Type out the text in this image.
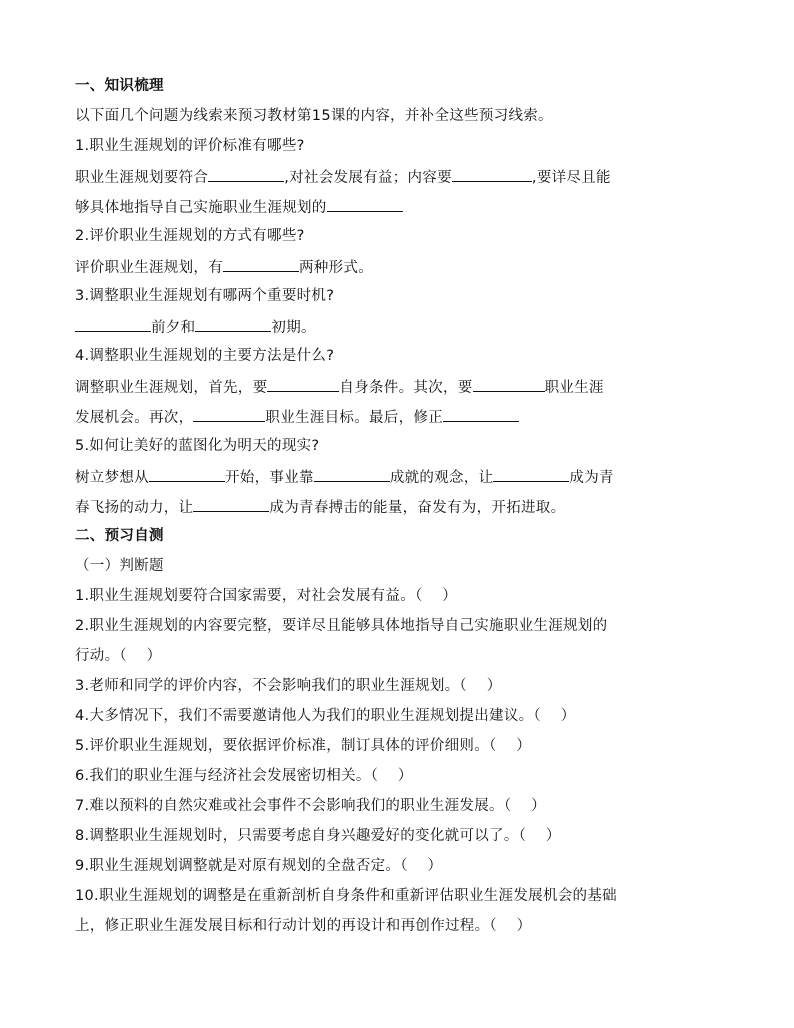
一、知识梳理
以下面几个问题为线索来预习教材第15课的内容，并补全这些预习线索。
1.职业生涯规划的评价标准有哪些?
职业生涯规划要符合	,对社会发展有益；内容要	,要详尽且能
够具体地指导自己实施职业生涯规划的
2.评价职业生涯规划的方式有哪些?
评价职业生涯规划，有	两种形式。
3.调整职业生涯规划有哪两个重要时机?
前夕和	初期。
4.调整职业生涯规划的主要方法是什么?
调整职业生涯规划，首先，要	自身条件。其次，要	职业生涯
发展机会。再次，	职业生涯目标。最后，修正
5.如何让美好的蓝图化为明天的现实?
树立梦想从	开始，事业靠	成就的观念，让	成为青
春飞扬的动力，让	成为青春搏击的能量，奋发有为，开拓进取。
二、预习自测
（一）判断题
1.职业生涯规划要符合国家需要，对社会发展有益。（　 ）
2.职业生涯规划的内容要完整，要详尽且能够具体地指导自己实施职业生涯规划的
行动。（　 ）
3.老师和同学的评价内容，不会影响我们的职业生涯规划。（　 ）
4.大多情况下，我们不需要邀请他人为我们的职业生涯规划提出建议。（　 ）
5.评价职业生涯规划，要依据评价标准，制订具体的评价细则。（　 ）
6.我们的职业生涯与经济社会发展密切相关。（　 ）
7.难以预料的自然灾难或社会事件不会影响我们的职业生涯发展。（　 ）
8.调整职业生涯规划时，只需要考虑自身兴趣爱好的变化就可以了。（　 ）
9.职业生涯规划调整就是对原有规划的全盘否定。（　 ）
10.职业生涯规划的调整是在重新剖析自身条件和重新评估职业生涯发展机会的基础
上，修正职业生涯发展目标和行动计划的再设计和再创作过程。（　 ）
